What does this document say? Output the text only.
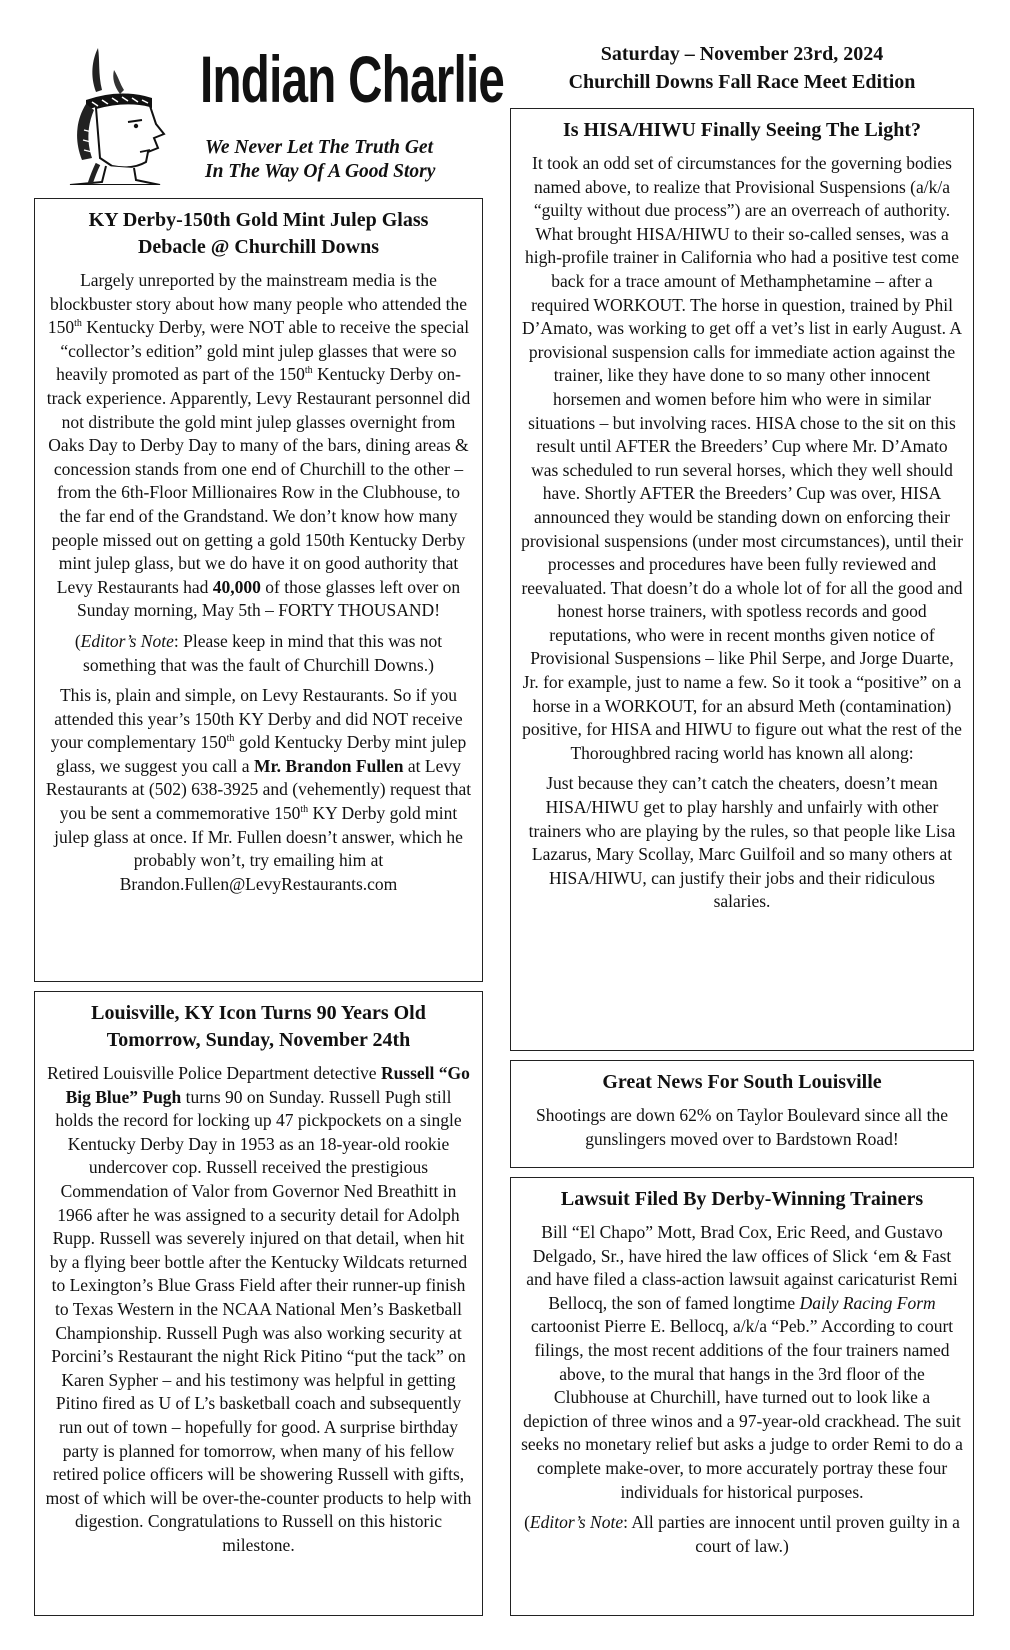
Indian Charlie
We Never Let The Truth Get
In The Way Of A Good Story
Saturday – November 23rd, 2024
Churchill Downs Fall Race Meet Edition
KY Derby-150th Gold Mint Julep Glass
Debacle @ Churchill Downs

Largely unreported by the mainstream media is the blockbuster story about how many people who attended the 150th Kentucky Derby, were NOT able to receive the special “collector’s edition” gold mint julep glasses that were so heavily promoted as part of the 150th Kentucky Derby on-track experience. Apparently, Levy Restaurant personnel did not distribute the gold mint julep glasses overnight from Oaks Day to Derby Day to many of the bars, dining areas & concession stands from one end of Churchill to the other – from the 6th-Floor Millionaires Row in the Clubhouse, to the far end of the Grandstand. We don’t know how many people missed out on getting a gold 150th Kentucky Derby mint julep glass, but we do have it on good authority that Levy Restaurants had 40,000 of those glasses left over on Sunday morning, May 5th – FORTY THOUSAND!

(Editor’s Note: Please keep in mind that this was not something that was the fault of Churchill Downs.)

This is, plain and simple, on Levy Restaurants. So if you attended this year’s 150th KY Derby and did NOT receive your complementary 150th gold Kentucky Derby mint julep glass, we suggest you call a Mr. Brandon Fullen at Levy Restaurants at (502) 638-3925 and (vehemently) request that you be sent a commemorative 150th KY Derby gold mint julep glass at once. If Mr. Fullen doesn’t answer, which he probably won’t, try emailing him at Brandon.Fullen@LevyRestaurants.com

Louisville, KY Icon Turns 90 Years Old
Tomorrow, Sunday, November 24th

Retired Louisville Police Department detective Russell “Go Big Blue” Pugh turns 90 on Sunday. Russell Pugh still holds the record for locking up 47 pickpockets on a single Kentucky Derby Day in 1953 as an 18-year-old rookie undercover cop. Russell received the prestigious Commendation of Valor from Governor Ned Breathitt in 1966 after he was assigned to a security detail for Adolph Rupp. Russell was severely injured on that detail, when hit by a flying beer bottle after the Kentucky Wildcats returned to Lexington’s Blue Grass Field after their runner-up finish to Texas Western in the NCAA National Men’s Basketball Championship. Russell Pugh was also working security at Porcini’s Restaurant the night Rick Pitino “put the tack” on Karen Sypher – and his testimony was helpful in getting Pitino fired as U of L’s basketball coach and subsequently run out of town – hopefully for good. A surprise birthday party is planned for tomorrow, when many of his fellow retired police officers will be showering Russell with gifts, most of which will be over-the-counter products to help with digestion. Congratulations to Russell on this historic milestone.

Is HISA/HIWU Finally Seeing The Light?

It took an odd set of circumstances for the governing bodies named above, to realize that Provisional Suspensions (a/k/a “guilty without due process”) are an overreach of authority. What brought HISA/HIWU to their so-called senses, was a high-profile trainer in California who had a positive test come back for a trace amount of Methamphetamine – after a required WORKOUT. The horse in question, trained by Phil D’Amato, was working to get off a vet’s list in early August. A provisional suspension calls for immediate action against the trainer, like they have done to so many other innocent horsemen and women before him who were in similar situations – but involving races. HISA chose to the sit on this result until AFTER the Breeders’ Cup where Mr. D’Amato was scheduled to run several horses, which they well should have. Shortly AFTER the Breeders’ Cup was over, HISA announced they would be standing down on enforcing their provisional suspensions (under most circumstances), until their processes and procedures have been fully reviewed and reevaluated. That doesn’t do a whole lot of for all the good and honest horse trainers, with spotless records and good reputations, who were in recent months given notice of Provisional Suspensions – like Phil Serpe, and Jorge Duarte, Jr. for example, just to name a few. So it took a “positive” on a horse in a WORKOUT, for an absurd Meth (contamination) positive, for HISA and HIWU to figure out what the rest of the Thoroughbred racing world has known all along:

Just because they can’t catch the cheaters, doesn’t mean HISA/HIWU get to play harshly and unfairly with other trainers who are playing by the rules, so that people like Lisa Lazarus, Mary Scollay, Marc Guilfoil and so many others at HISA/HIWU, can justify their jobs and their ridiculous salaries.

Great News For South Louisville

Shootings are down 62% on Taylor Boulevard since all the gunslingers moved over to Bardstown Road!

Lawsuit Filed By Derby-Winning Trainers

Bill “El Chapo” Mott, Brad Cox, Eric Reed, and Gustavo Delgado, Sr., have hired the law offices of Slick ‘em & Fast and have filed a class-action lawsuit against caricaturist Remi Bellocq, the son of famed longtime Daily Racing Form cartoonist Pierre E. Bellocq, a/k/a “Peb.” According to court filings, the most recent additions of the four trainers named above, to the mural that hangs in the 3rd floor of the Clubhouse at Churchill, have turned out to look like a depiction of three winos and a 97-year-old crackhead. The suit seeks no monetary relief but asks a judge to order Remi to do a complete make-over, to more accurately portray these four individuals for historical purposes.

(Editor’s Note: All parties are innocent until proven guilty in a court of law.)
